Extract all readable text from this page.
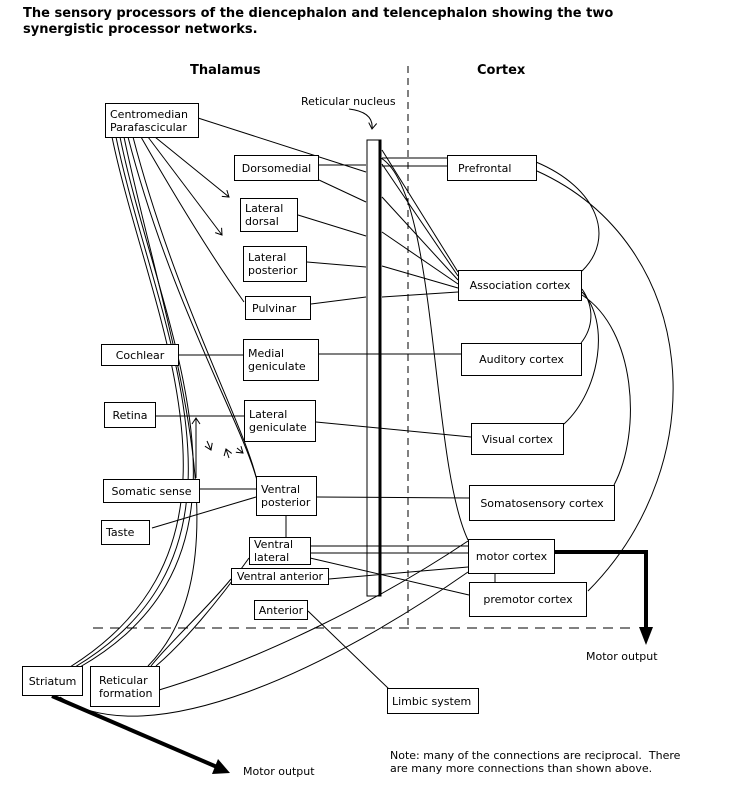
The sensory processors of the diencephalon and telencephalon showing the two
synergistic processor networks.
Thalamus	Cortex
Reticular nucleus
Motor output
Motor output
Note: many of the connections are reciprocal.  There
are many more connections than shown above.
Centromedian Parafascicular
Dorsomedial
Lateral dorsal
Lateral posterior
Pulvinar
Cochlear	Medial geniculate
Retina	Lateral geniculate
Somatic sense	Ventral posterior
Taste
Ventral lateral
Ventral anterior
Anterior
Striatum Reticular formation
Limbic system
Prefrontal
Association cortex
Auditory cortex
Visual cortex
Somatosensory cortex
motor cortex
premotor cortex
